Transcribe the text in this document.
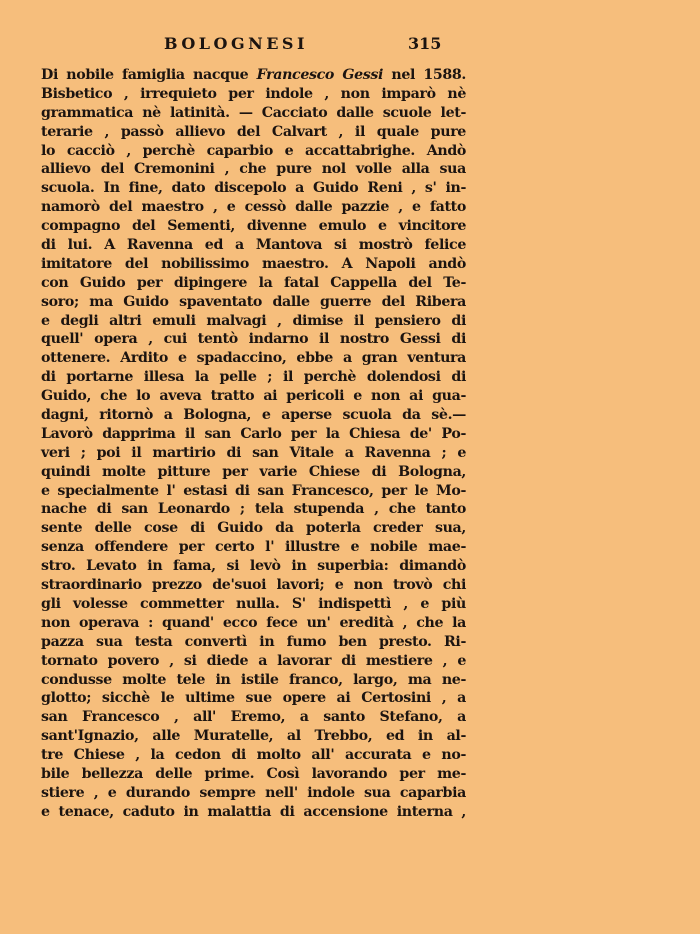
BOLOGNESI	315
Di nobile famiglia nacque Francesco Gessi nel 1588.
Bisbetico , irrequieto per indole , non imparò nè
grammatica nè latinità. — Cacciato dalle scuole let-
terarie , passò allievo del Calvart , il quale pure
lo cacciò , perchè caparbio e accattabrighe. Andò
allievo del Cremonini , che pure nol volle alla sua
scuola. In fine, dato discepolo a Guido Reni , s' in-
namorò del maestro , e cessò dalle pazzie , e fatto
compagno del Sementi, divenne emulo e vincitore
di lui. A Ravenna ed a Mantova si mostrò felice
imitatore del nobilissimo maestro. A Napoli andò
con Guido per dipingere la fatal Cappella del Te-
soro; ma Guido spaventato dalle guerre del Ribera
e degli altri emuli malvagi , dimise il pensiero di
quell' opera , cui tentò indarno il nostro Gessi di
ottenere. Ardito e spadaccino, ebbe a gran ventura
di portarne illesa la pelle ; il perchè dolendosi di
Guido, che lo aveva tratto ai pericoli e non ai gua-
dagni, ritornò a Bologna, e aperse scuola da sè.—
Lavorò dapprima il san Carlo per la Chiesa de' Po-
veri ; poi il martirio di san Vitale a Ravenna ; e
quindi molte pitture per varie Chiese di Bologna,
e specialmente l' estasi di san Francesco, per le Mo-
nache di san Leonardo ; tela stupenda , che tanto
sente delle cose di Guido da poterla creder sua,
senza offendere per certo l' illustre e nobile mae-
stro. Levato in fama, si levò in superbia: dimandò
straordinario prezzo de'suoi lavori; e non trovò chi
gli volesse commetter nulla. S' indispettì , e più
non operava : quand' ecco fece un' eredità , che la
pazza sua testa convertì in fumo ben presto. Ri-
tornato povero , si diede a lavorar di mestiere , e
condusse molte tele in istile franco, largo, ma ne-
glotto; sicchè le ultime sue opere ai Certosini , a
san Francesco , all' Eremo, a santo Stefano, a
sant'Ignazio, alle Muratelle, al Trebbo, ed in al-
tre Chiese , la cedon di molto all' accurata e no-
bile bellezza delle prime. Così lavorando per me-
stiere , e durando sempre nell' indole sua caparbia
e tenace, caduto in malattia di accensione interna ,
